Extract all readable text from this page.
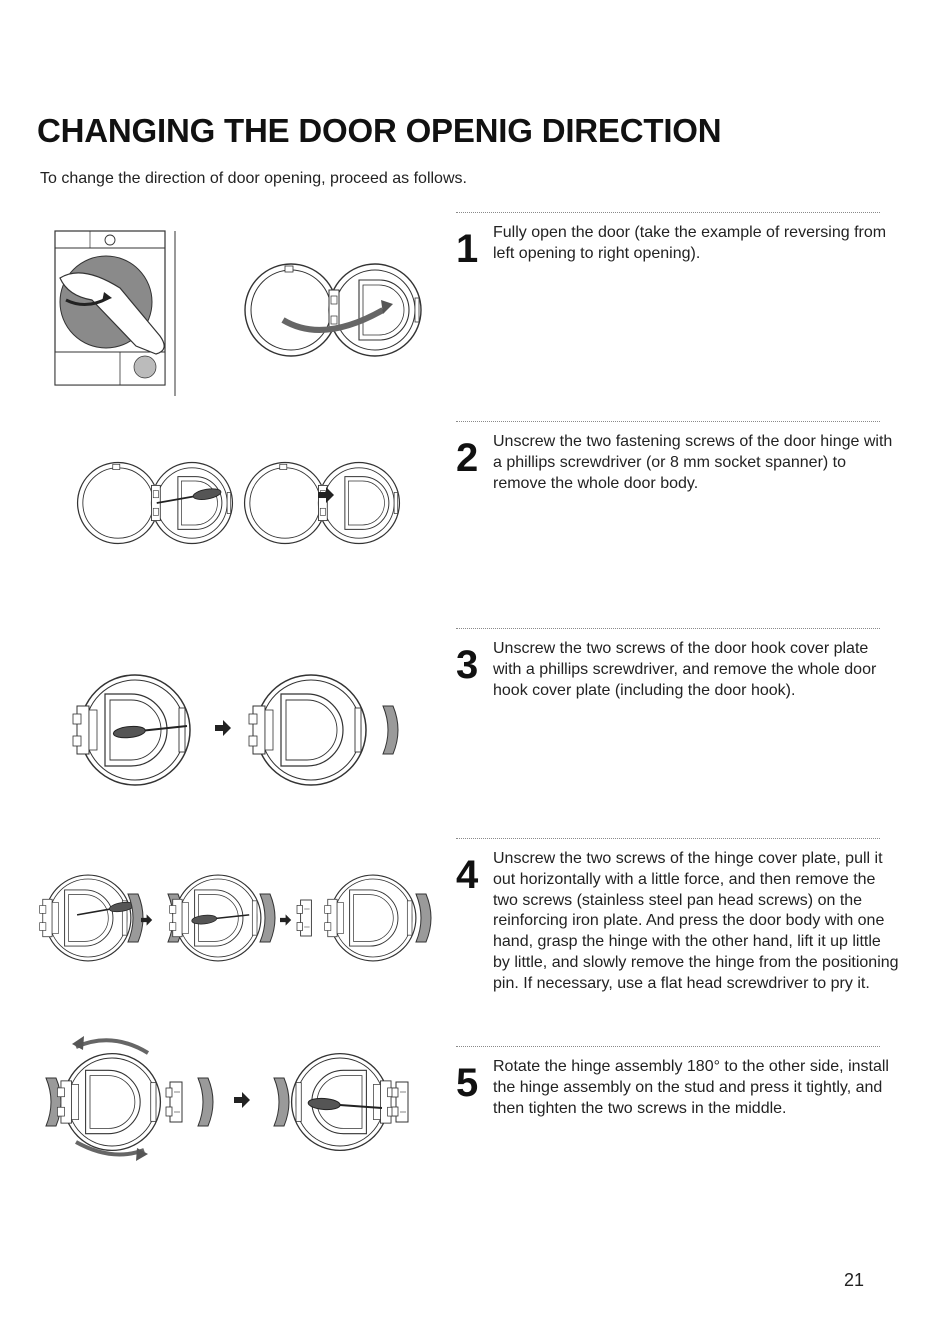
CHANGING THE DOOR OPENIG DIRECTION
To change the direction of door opening, proceed as follows.
1 Fully open the door (take the example of reversing from left opening to right opening).
2 Unscrew the two fastening screws of the door hinge with a phillips screwdriver (or 8 mm socket spanner) to remove the whole door body.
3 Unscrew the two screws of the door hook cover plate with a phillips screwdriver, and remove the whole door hook cover plate (including the door hook).
4 Unscrew the two screws of the hinge cover plate, pull it out horizontally with a little force, and then remove the two screws (stainless steel pan head screws) on the reinforcing iron plate. And press the door body with one hand, grasp the hinge with the other hand, lift it up little by little, and slowly remove the hinge from the positioning pin. If necessary, use a flat head screwdriver to pry it.
5 Rotate the hinge assembly 180° to the other side, install the hinge assembly on the stud and press it tightly, and then tighten the two screws in the middle.
21
